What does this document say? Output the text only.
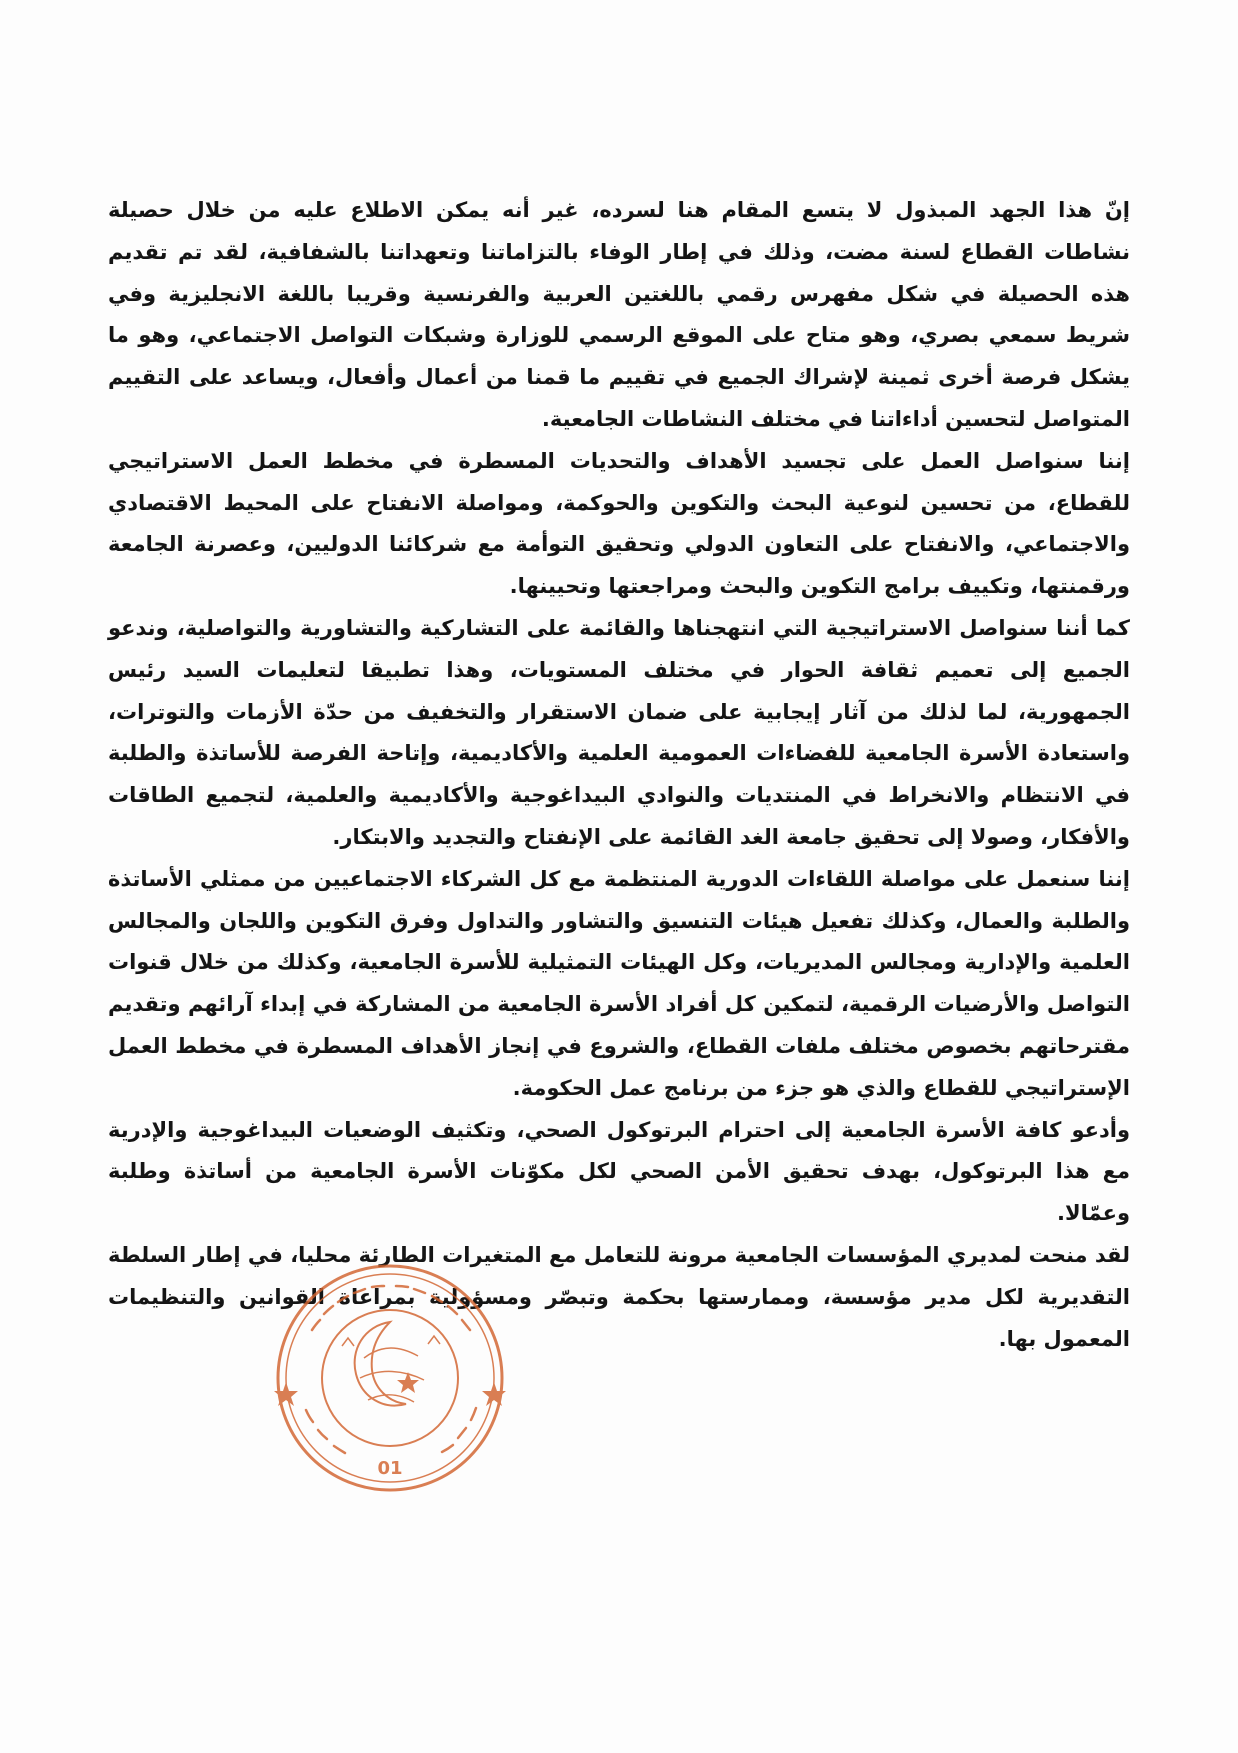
إنّ هذا الجهد المبذول لا يتسع المقام هنا لسرده، غير أنه يمكن الاطلاع عليه من خلال حصيلة نشاطات القطاع لسنة مضت، وذلك في إطار الوفاء بالتزاماتنا وتعهداتنا بالشفافية، لقد تم تقديم هذه الحصيلة في شكل مفهرس رقمي باللغتين العربية والفرنسية وقريبا باللغة الانجليزية وفي شريط سمعي بصري، وهو متاح على الموقع الرسمي للوزارة وشبكات التواصل الاجتماعي، وهو ما يشكل فرصة أخرى ثمينة لإشراك الجميع في تقييم ما قمنا من أعمال وأفعال، ويساعد على التقييم المتواصل لتحسين أداءاتنا في مختلف النشاطات الجامعية.

إننا سنواصل العمل على تجسيد الأهداف والتحديات المسطرة في مخطط العمل الاستراتيجي للقطاع، من تحسين لنوعية البحث والتكوين والحوكمة، ومواصلة الانفتاح على المحيط الاقتصادي والاجتماعي، والانفتاح على التعاون الدولي وتحقيق التوأمة مع شركائنا الدوليين، وعصرنة الجامعة ورقمنتها، وتكييف برامج التكوين والبحث ومراجعتها وتحيينها.

كما أننا سنواصل الاستراتيجية التي انتهجناها والقائمة على التشاركية والتشاورية والتواصلية، وندعو الجميع إلى تعميم ثقافة الحوار في مختلف المستويات، وهذا تطبيقا لتعليمات السيد رئيس الجمهورية، لما لذلك من آثار إيجابية على ضمان الاستقرار والتخفيف من حدّة الأزمات والتوترات، واستعادة الأسرة الجامعية للفضاءات العمومية العلمية والأكاديمية، وإتاحة الفرصة للأساتذة والطلبة في الانتظام والانخراط في المنتديات والنوادي البيداغوجية والأكاديمية والعلمية، لتجميع الطاقات والأفكار، وصولا إلى تحقيق جامعة الغد القائمة على الإنفتاح والتجديد والابتكار.

إننا سنعمل على مواصلة اللقاءات الدورية المنتظمة مع كل الشركاء الاجتماعيين من ممثلي الأساتذة والطلبة والعمال، وكذلك تفعيل هيئات التنسيق والتشاور والتداول وفرق التكوين واللجان والمجالس العلمية والإدارية ومجالس المديريات، وكل الهيئات التمثيلية للأسرة الجامعية، وكذلك من خلال قنوات التواصل والأرضيات الرقمية، لتمكين كل أفراد الأسرة الجامعية من المشاركة في إبداء آرائهم وتقديم مقترحاتهم بخصوص مختلف ملفات القطاع، والشروع في إنجاز الأهداف المسطرة في مخطط العمل الإستراتيجي للقطاع والذي هو جزء من برنامج عمل الحكومة.

وأدعو كافة الأسرة الجامعية إلى احترام البرتوكول الصحي، وتكثيف الوضعيات البيداغوجية والإدرية مع هذا البرتوكول، بهدف تحقيق الأمن الصحي لكل مكوّنات الأسرة الجامعية من أساتذة وطلبة وعمّالا.

لقد منحت لمديري المؤسسات الجامعية مرونة للتعامل مع المتغيرات الطارئة محليا، في إطار السلطة التقديرية لكل مدير مؤسسة، وممارستها بحكمة وتبصّر ومسؤولية بمراعاة القوانين والتنظيمات المعمول بها.

01
